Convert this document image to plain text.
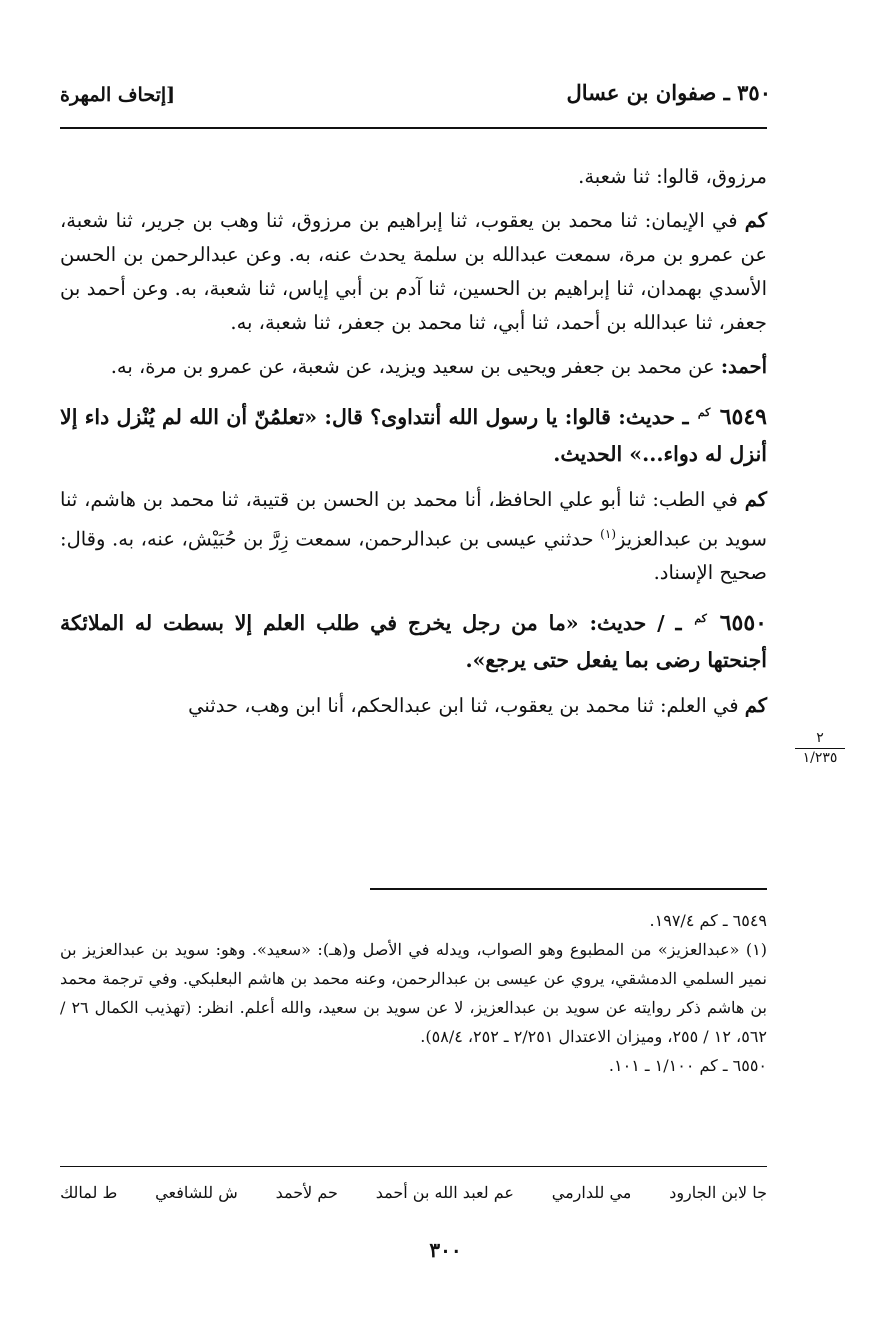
٣٥٠ ـ صفوان بن عسال
[إتحاف المهرة

مرزوق، قالوا: ثنا شعبة.

كم في الإيمان: ثنا محمد بن يعقوب، ثنا إبراهيم بن مرزوق، ثنا وهب بن جرير، ثنا شعبة، عن عمرو بن مرة، سمعت عبدالله بن سلمة يحدث عنه، به. وعن عبدالرحمن بن الحسن الأسدي بهمدان، ثنا إبراهيم بن الحسين، ثنا آدم بن أبي إياس، ثنا شعبة، به. وعن أحمد بن جعفر، ثنا عبدالله بن أحمد، ثنا أبي، ثنا محمد بن جعفر، ثنا شعبة، به.

أحمد: عن محمد بن جعفر ويحيى بن سعيد ويزيد، عن شعبة، عن عمرو بن مرة، به.

٦٥٤٩ $^{كم}$ ـ حديث: قالوا: يا رسول الله أنتداوى؟ قال: «تعلمُنّ أن الله لم يُنْزل داء إلا أنزل له دواء...» الحديث.

كم في الطب: ثنا أبو علي الحافظ، أنا محمد بن الحسن بن قتيبة، ثنا محمد بن هاشم، ثنا سويد بن عبدالعزيز$^{(١)}$ حدثني عيسى بن عبدالرحمن، سمعت زِرَّ بن حُبَيْش، عنه، به. وقال: صحيح الإسناد.

٦٥٥٠ $^{كم}$ ـ / حديث: «ما من رجل يخرج في طلب العلم إلا بسطت له الملائكة أجنحتها رضى بما يفعل حتى يرجع».

كم في العلم: ثنا محمد بن يعقوب، ثنا ابن عبدالحكم، أنا ابن وهب، حدثني

٢
١/٢٣٥

٦٥٤٩ ـ كم ١٩٧/٤.

(١) «عبدالعزيز» من المطبوع وهو الصواب، ويدله في الأصل و(هـ): «سعيد». وهو: سويد بن عبدالعزيز بن نمير السلمي الدمشقي، يروي عن عيسى بن عبدالرحمن، وعنه محمد بن هاشم البعلبكي. وفي ترجمة محمد بن هاشم ذكر روايته عن سويد بن عبدالعزيز، لا عن سويد بن سعيد، والله أعلم. انظر: (تهذيب الكمال ٢٦ / ٥٦٢، ١٢ / ٢٥٥، وميزان الاعتدال ٢/٢٥١ ـ ٢٥٢، ٥٨/٤).

٦٥٥٠ ـ كم ١/١٠٠ ـ ١٠١.

ط لمالك ش للشافعي حم لأحمد عم لعبد الله بن أحمد مي للدارمي جا لابن الجارود
٣٠٠
